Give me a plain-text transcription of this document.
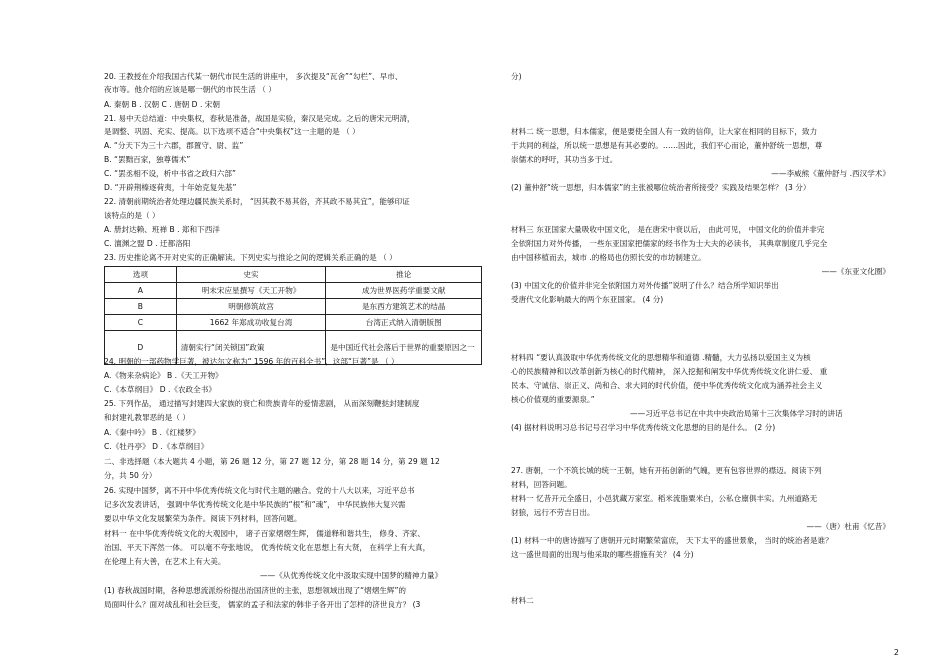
选项	史实	推论
A	明末宋应星撰写《天工开物》	成为世界医药学重要文献
B	明朝修筑故宫	是东西方建筑艺术的结晶
C	1662 年郑成功收复台湾	台湾正式纳入清朝版图
D	清朝实行“闭关锁国”政策	是中国近代社会落后于世界的重要原因之一
2
20. 王教授在介绍我国古代某一朝代市民生活的讲座中， 多次提及“瓦舍”“勾栏”、早市、
夜市等。他介绍的应该是哪一朝代的市民生活 （ ）
A. 秦朝 B . 汉朝 C . 唐朝 D . 宋朝
21. 易中天总结道：中央集权，春秋是准备，战国是实验，秦汉是完成。之后的唐宋元明清，
是调整、巩固、充实、提高。以下选项不适合“中央集权”这一主题的是 （ ）
A. “分天下为三十六郡，郡置守、尉、监”
B. “罢黜百家，独尊儒术”
C. “罢丞相不设，析中书省之政归六部”
D. “开辟荆榛逐荷夷，十年始克复先基”
22. 清朝前期统治者处理边疆民族关系时， “因其教不易其俗，齐其政不易其宜”，能够印证
该特点的是（ ）
A. 册封达赖、班禅 B . 郑和下西洋
C. 澶渊之盟 D . 迁都洛阳
23. 历史推论离不开对史实的正确解读。下列史实与推论之间的逻辑关系正确的是 （ ）
24. 明朝的一部药物学巨著，被达尔文称为“ 1596 年的百科全书”，这部“巨著”是 （ ）
A.《物来杂病论》 B .《天工开物》
C.《本草纲目》 D .《农政全书》
25. 下列作品， 通过描写封建四大家族的衰亡和贵族青年的爱情悲剧， 从而深刻鞭挞封建制度
和封建礼教罪恶的是（ ）
A.《秦中吟》 B .《红楼梦》
C.《牡丹亭》 D .《本草纲目》
二、非选择题（本大题共 4 小题，第 26 题 12 分，第 27 题 12 分，第 28 题 14 分，第 29 题 12
分，共 50 分）
26. 实现中国梦，离不开中华优秀传统文化与时代主题的融合。党的十八大以来，习近平总书
记多次发表讲话， 强调中华优秀传统文化是中华民族的“根”和“魂”， 中华民族伟大复兴需
要以中华文化发展繁荣为条件。阅读下列材料，回答问题。
材料一 在中华优秀传统文化的大观园中， 诸子百家熠熠生辉， 儒道释和谐共生， 修身、齐家、
治国、平天下浑然一体。 可以毫不夸张地说， 优秀传统文化在思想上有大贤， 在科学上有大真，
在伦理上有大善，在艺术上有大美。
——《从优秀传统文化中汲取实现中国梦的精神力量》
(1) 春秋战国时期，各种思想流派纷纷提出治国济世的主张，思想领域出现了“熠熠生辉”的
局面叫什么？面对战乱和社会巨变， 儒家的孟子和法家的韩非子各开出了怎样的济世良方？ (3
分)
材料二 统一思想，归本儒家，便是要使全国人有一致的信仰，让大家在相同的目标下，致力
于共同的利益，所以统一思想是有其必要的。……因此，我们平心而论，董仲舒统一思想，尊
崇儒术的呼吁，其功当多于过。
——李威熊《董仲舒与 .西汉学术》
(2) 董仲舒“统一思想，归本儒家”的主张被哪位统治者所接受？实践及结果怎样？ (3 分）
材料三 东亚国家大量吸收中国文化， 是在唐宋中衰以后， 由此可见， 中国文化的价值并非完
全依附国力对外传播， 一些东亚国家把儒家的经书作为士大夫的必读书， 其典章制度几乎完全
由中国移植而去，城市 .的格局也仿照长安的市坊制建立。
——《东亚文化圈》
(3) 中国文化的价值并非完全依附国力对外传播”说明了什么？结合所学知识举出
受唐代文化影响最大的两个东亚国家。 (4 分)
材料四 “要认真汲取中华优秀传统文化的思想精华和道德 .精髓，大力弘扬以爱国主义为核
心的民族精神和以改革创新为核心的时代精神， 深入挖掘和阐发中华优秀传统文化讲仁爱、 重
民本、守诚信、崇正义、尚和合、求大同的时代价值，使中华优秀传统文化成为涵养社会主义
核心价值观的重要源泉。”
——习近平总书记在中共中央政治局第十三次集体学习时的讲话
(4) 据材料说明习总书记号召学习中华优秀传统文化思想的目的是什么。 (2 分)
27. 唐朝，一个不筑长城的统一王朝，她有开拓创新的气魄，更有包容世界的襟迈。阅读下列
材料，回答问题。
材料一 忆昔开元全盛日，小邑犹藏万家室。稻米流脂粟米白，公私仓廪俱丰实。九州道路无
豺狼，远行不劳吉日出。
——（唐）杜甫《忆昔》
(1) 材料一中的唐诗描写了唐朝开元时期繁荣富庶， 天下太平的盛世景象， 当时的统治者是谁？
这一盛世局面的出现与他采取的哪些措施有关？ (4 分)
材料二
